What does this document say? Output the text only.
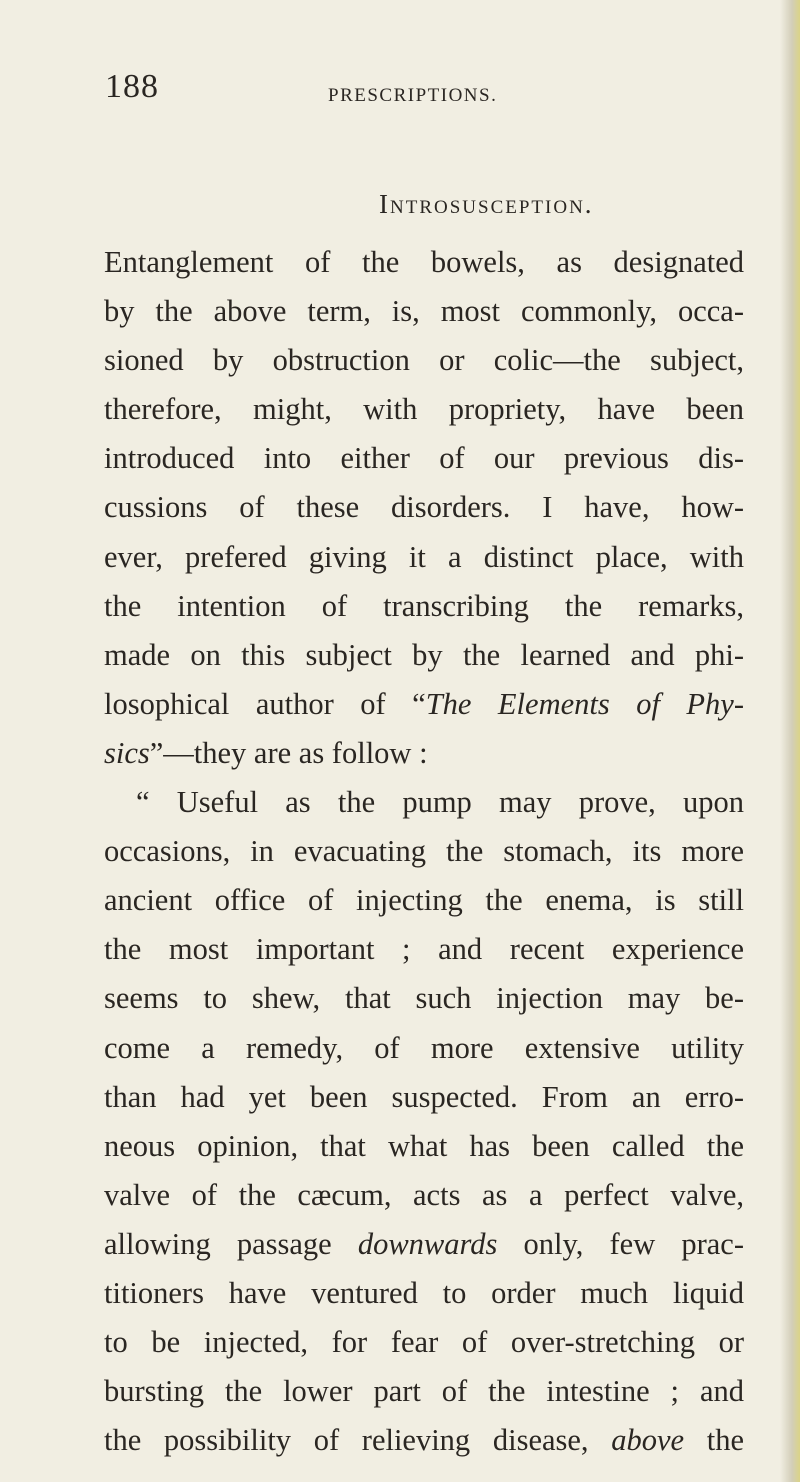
188	PRESCRIPTIONS.
Introsusception.
Entanglement of the bowels, as designated
by the above term, is, most commonly, occa-
sioned by obstruction or colic—the subject,
therefore, might, with propriety, have been
introduced into either of our previous dis-
cussions of these disorders. I have, how-
ever, prefered giving it a distinct place, with
the intention of transcribing the remarks,
made on this subject by the learned and phi-
losophical author of “The Elements of Phy-
sics”—they are as follow :
“ Useful as the pump may prove, upon
occasions, in evacuating the stomach, its more
ancient office of injecting the enema, is still
the most important ; and recent experience
seems to shew, that such injection may be-
come a remedy, of more extensive utility
than had yet been suspected. From an erro-
neous opinion, that what has been called the
valve of the cæcum, acts as a perfect valve,
allowing passage downwards only, few prac-
titioners have ventured to order much liquid
to be injected, for fear of over-stretching or
bursting the lower part of the intestine ; and
the possibility of relieving disease, above the
